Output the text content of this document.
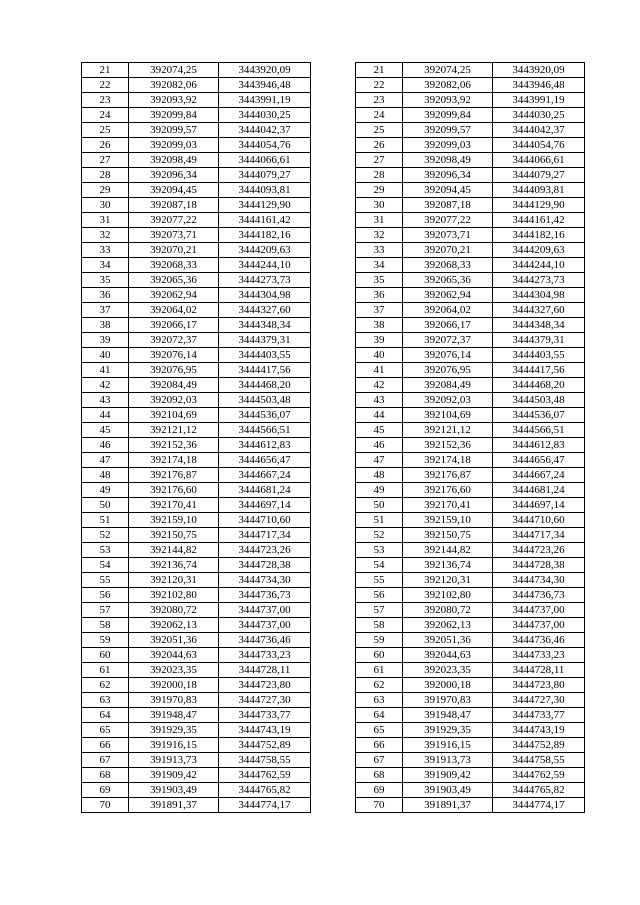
21	392074,25	3443920,09		21	392074,25	3443920,09
22	392082,06	3443946,48		22	392082,06	3443946,48
23	392093,92	3443991,19		23	392093,92	3443991,19
24	392099,84	3444030,25		24	392099,84	3444030,25
25	392099,57	3444042,37		25	392099,57	3444042,37
26	392099,03	3444054,76		26	392099,03	3444054,76
27	392098,49	3444066,61		27	392098,49	3444066,61
28	392096,34	3444079,27		28	392096,34	3444079,27
29	392094,45	3444093,81		29	392094,45	3444093,81
30	392087,18	3444129,90		30	392087,18	3444129,90
31	392077,22	3444161,42		31	392077,22	3444161,42
32	392073,71	3444182,16		32	392073,71	3444182,16
33	392070,21	3444209,63		33	392070,21	3444209,63
34	392068,33	3444244,10		34	392068,33	3444244,10
35	392065,36	3444273,73		35	392065,36	3444273,73
36	392062,94	3444304,98		36	392062,94	3444304,98
37	392064,02	3444327,60		37	392064,02	3444327,60
38	392066,17	3444348,34		38	392066,17	3444348,34
39	392072,37	3444379,31		39	392072,37	3444379,31
40	392076,14	3444403,55		40	392076,14	3444403,55
41	392076,95	3444417,56		41	392076,95	3444417,56
42	392084,49	3444468,20		42	392084,49	3444468,20
43	392092,03	3444503,48		43	392092,03	3444503,48
44	392104,69	3444536,07		44	392104,69	3444536,07
45	392121,12	3444566,51		45	392121,12	3444566,51
46	392152,36	3444612,83		46	392152,36	3444612,83
47	392174,18	3444656,47		47	392174,18	3444656,47
48	392176,87	3444667,24		48	392176,87	3444667,24
49	392176,60	3444681,24		49	392176,60	3444681,24
50	392170,41	3444697,14		50	392170,41	3444697,14
51	392159,10	3444710,60		51	392159,10	3444710,60
52	392150,75	3444717,34		52	392150,75	3444717,34
53	392144,82	3444723,26		53	392144,82	3444723,26
54	392136,74	3444728,38		54	392136,74	3444728,38
55	392120,31	3444734,30		55	392120,31	3444734,30
56	392102,80	3444736,73		56	392102,80	3444736,73
57	392080,72	3444737,00		57	392080,72	3444737,00
58	392062,13	3444737,00		58	392062,13	3444737,00
59	392051,36	3444736,46		59	392051,36	3444736,46
60	392044,63	3444733,23		60	392044,63	3444733,23
61	392023,35	3444728,11		61	392023,35	3444728,11
62	392000,18	3444723,80		62	392000,18	3444723,80
63	391970,83	3444727,30		63	391970,83	3444727,30
64	391948,47	3444733,77		64	391948,47	3444733,77
65	391929,35	3444743,19		65	391929,35	3444743,19
66	391916,15	3444752,89		66	391916,15	3444752,89
67	391913,73	3444758,55		67	391913,73	3444758,55
68	391909,42	3444762,59		68	391909,42	3444762,59
69	391903,49	3444765,82		69	391903,49	3444765,82
70	391891,37	3444774,17		70	391891,37	3444774,17
